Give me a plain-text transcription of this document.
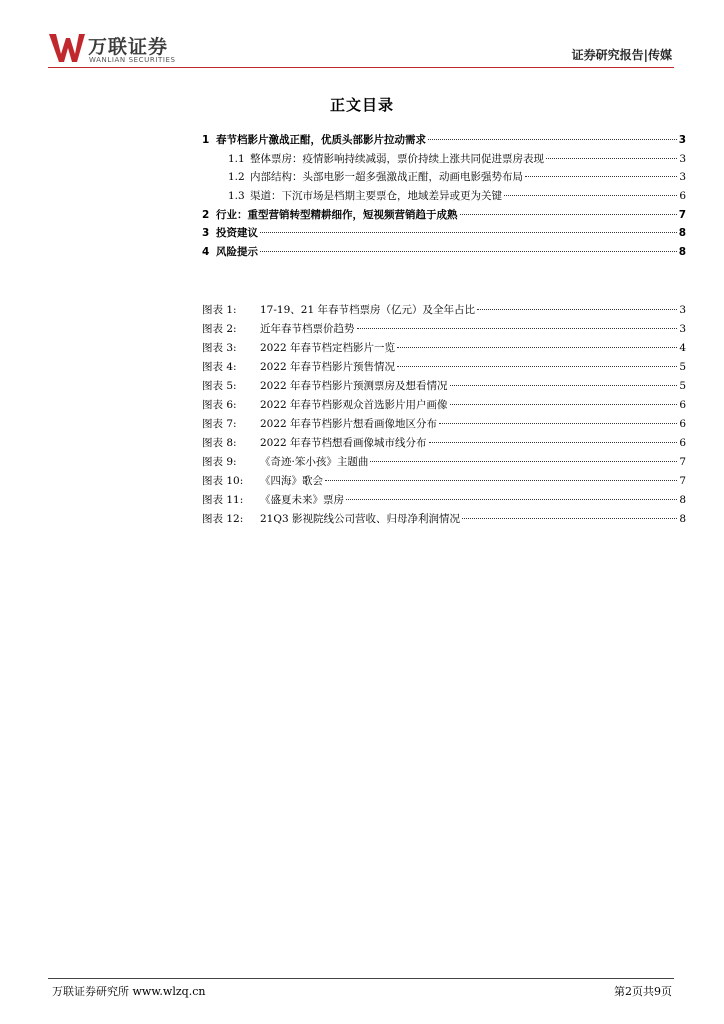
万联证券
WANLIAN SECURITIES	证券研究报告|传媒
正文目录
1 春节档影片激战正酣，优质头部影片拉动需求	3
1.1 整体票房：疫情影响持续减弱，票价持续上涨共同促进票房表现	3
1.2 内部结构：头部电影一超多强激战正酣，动画电影强势布局	3
1.3 渠道：下沉市场是档期主要票仓，地域差异或更为关键	6
2 行业：重型营销转型精耕细作，短视频营销趋于成熟	7
3 投资建议	8
4 风险提示	8
图表 1:	17-19、21 年春节档票房（亿元）及全年占比	3
图表 2:	近年春节档票价趋势	3
图表 3:	2022 年春节档定档影片一览	4
图表 4:	2022 年春节档影片预售情况	5
图表 5:	2022 年春节档影片预测票房及想看情况	5
图表 6:	2022 年春节档影观众首选影片用户画像	6
图表 7:	2022 年春节档影片想看画像地区分布	6
图表 8:	2022 年春节档想看画像城市线分布	6
图表 9:	《奇迹·笨小孩》主题曲	7
图表 10:	《四海》歌会	7
图表 11:	《盛夏未来》票房	8
图表 12:	21Q3 影视院线公司营收、归母净利润情况	8
万联证券研究所 www.wlzq.cn	第2页共9页
